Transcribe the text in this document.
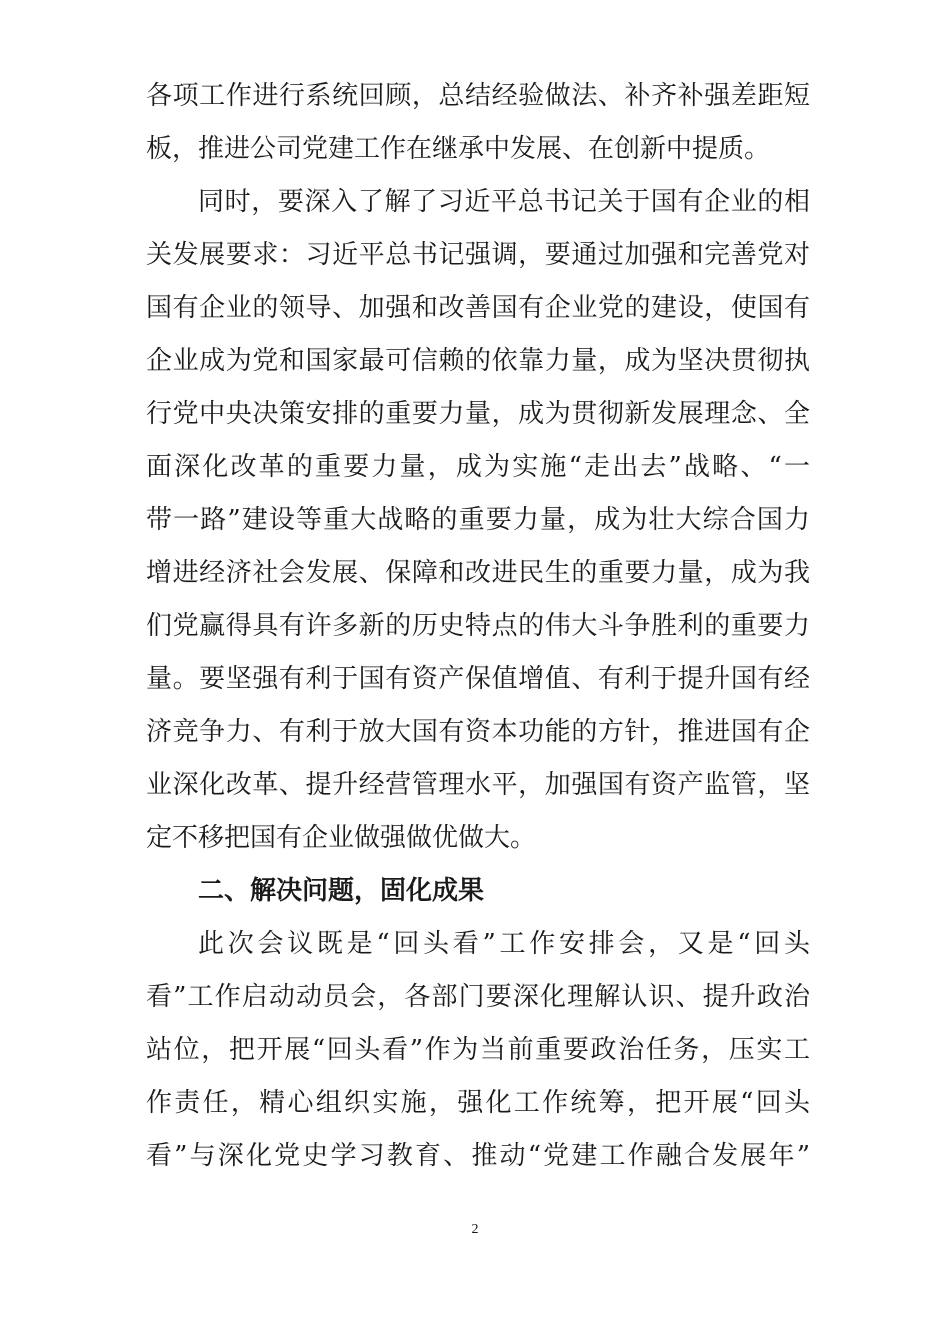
各项工作进行系统回顾，总结经验做法、补齐补强差距短
板，推进公司党建工作在继承中发展、在创新中提质。
同时，要深入了解了习近平总书记关于国有企业的相
关发展要求：习近平总书记强调，要通过加强和完善党对
国有企业的领导、加强和改善国有企业党的建设，使国有
企业成为党和国家最可信赖的依靠力量，成为坚决贯彻执
行党中央决策安排的重要力量，成为贯彻新发展理念、全
面深化改革的重要力量，成为实施“走出去”战略、“一
带一路”建设等重大战略的重要力量，成为壮大综合国力
增进经济社会发展、保障和改进民生的重要力量，成为我
们党赢得具有许多新的历史特点的伟大斗争胜利的重要力
量。要坚强有利于国有资产保值增值、有利于提升国有经
济竞争力、有利于放大国有资本功能的方针，推进国有企
业深化改革、提升经营管理水平，加强国有资产监管，坚
定不移把国有企业做强做优做大。
二、解决问题，固化成果
此次会议既是“回头看”工作安排会，又是“回头
看”工作启动动员会，各部门要深化理解认识、提升政治
站位，把开展“回头看”作为当前重要政治任务，压实工
作责任，精心组织实施，强化工作统筹，把开展“回头
看”与深化党史学习教育、推动“党建工作融合发展年”
2
